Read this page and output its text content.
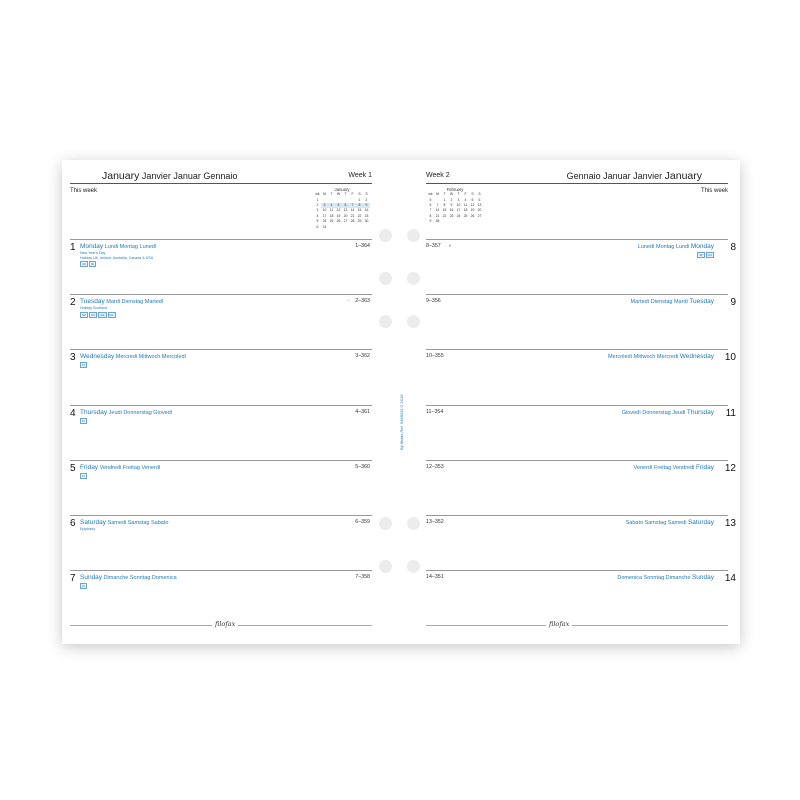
January Janvier Januar Gennaio	Week 1
This week	January
wk	M	T	W	T	F	S	S
1						1	2
2	3	4	5	6	7	8	9
3	10	11	12	13	14	15	16
4	17	18	19	20	21	22	23
5	24	25	26	27	28	29	30
6	31						
1 Monday Lundi Montag Lunedì	1–364
New Year's Day
Holiday UK, Ireland, Australia, Canada & USA
UK	IE
2 Tuesday Mardi Dienstag Martedì	2–363
Holiday Scotland
NZ	SC	GE	FR
○
3 Wednesday Mercredi Mittwoch Mercoledì	3–362
FI
4 Thursday Jeudi Donnerstag Giovedì	4–361
FI
5 Friday Vendredi Freitag Venerdì	5–360
FI
6 Saturday Samedi Samstag Sabato	6–359
Epiphany
7 Sunday Dimanche Sonntag Domenica	7–358
FI
filofax
Week 2	Gennaio Januar Janvier January
This week
February
wk	M	T	W	T	F	S	S
5		1	2	3	4	5	6
6	7	8	9	10	11	12	13
7	14	15	16	17	18	19	20
8	21	22	23	24	25	26	27
9	28						
8
Lunedì Montag Lundi Monday
8–357
JP	HU
◑
9
Martedì Dienstag Mardi Tuesday
9–356
10
Mercoledì Mittwoch Mercredi Wednesday
10–355
11
Giovedì Donnerstag Jeudi Thursday
11–354
12
Venerdì Freitag Vendredi Friday
12–353
13
Sabato Samstag Samedi Saturday
13–352
14
Domenica Sonntag Dimanche Sunday
14–351
filofax
By filofax Ref. 5468033 © 2016
